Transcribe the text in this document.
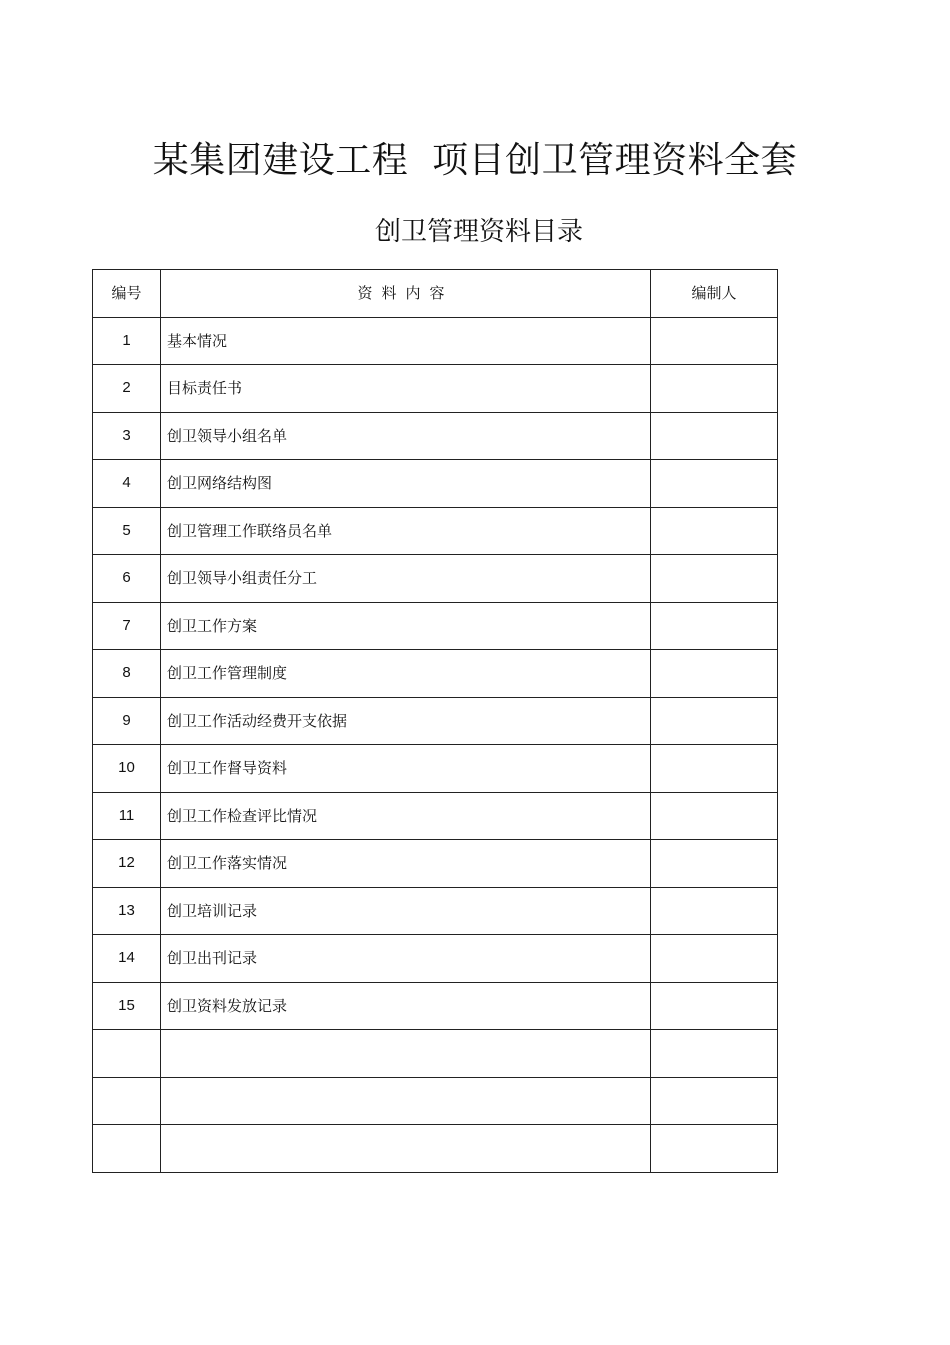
某集团建设工程  项目创卫管理资料全套
创卫管理资料目录
编号	资料内容	编制人
1	基本情况	
2	目标责任书	
3	创卫领导小组名单	
4	创卫网络结构图	
5	创卫管理工作联络员名单	
6	创卫领导小组责任分工	
7	创卫工作方案	
8	创卫工作管理制度	
9	创卫工作活动经费开支依据	
10	创卫工作督导资料	
11	创卫工作检查评比情况	
12	创卫工作落实情况	
13	创卫培训记录	
14	创卫出刊记录	
15	创卫资料发放记录	
